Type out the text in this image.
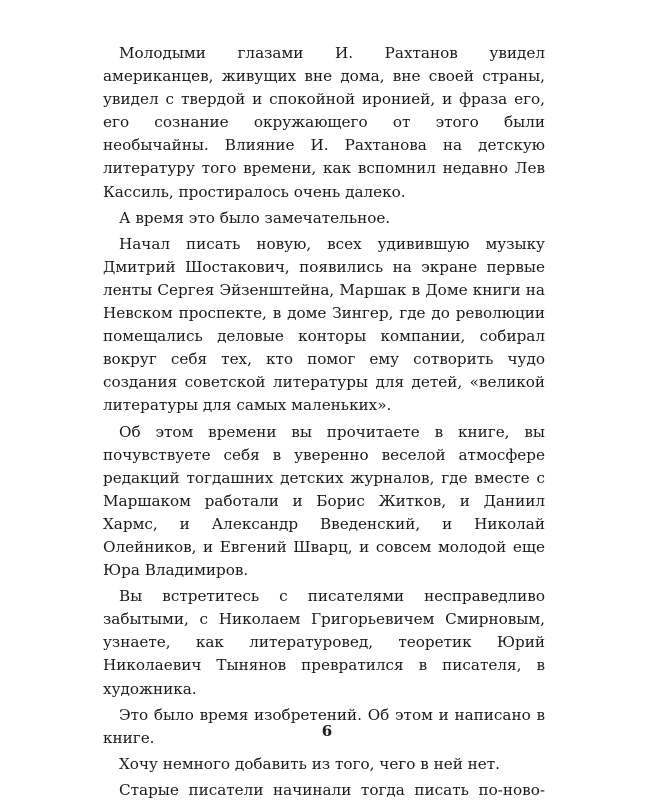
Молодыми глазами И. Рахтанов увидел американцев, живущих вне дома, вне своей страны, увидел с твердой и спокойной иронией, и фраза его, его сознание окружающего от этого были необычайны. Влияние И. Рахтанова на детскую литературу того времени, как вспомнил недавно Лев Кассиль, простиралось очень далеко.

А время это было замечательное.

Начал писать новую, всех удивившую музыку Дмитрий Шостакович, появились на экране первые ленты Сергея Эйзенштейна, Маршак в Доме книги на Невском проспекте, в доме Зингер, где до революции помещались деловые конторы компании, собирал вокруг себя тех, кто помог ему сотворить чудо создания советской литературы для детей, «великой литературы для самых маленьких».

Об этом времени вы прочитаете в книге, вы почувствуете себя в уверенно веселой атмосфере редакций тогдашних детских журналов, где вместе с Маршаком работали и Борис Житков, и Даниил Хармс, и Александр Введенский, и Николай Олейников, и Евгений Шварц, и совсем молодой еще Юра Владимиров.

Вы встретитесь с писателями несправедливо забытыми, с Николаем Григорьевичем Смирновым, узнаете, как литературовед, теоретик Юрий Николаевич Тынянов превратился в писателя, в художника.

Это было время изобретений. Об этом и написано в книге.

Хочу немного добавить из того, чего в ней нет.

Старые писатели начинали тогда писать по-ново-

6
